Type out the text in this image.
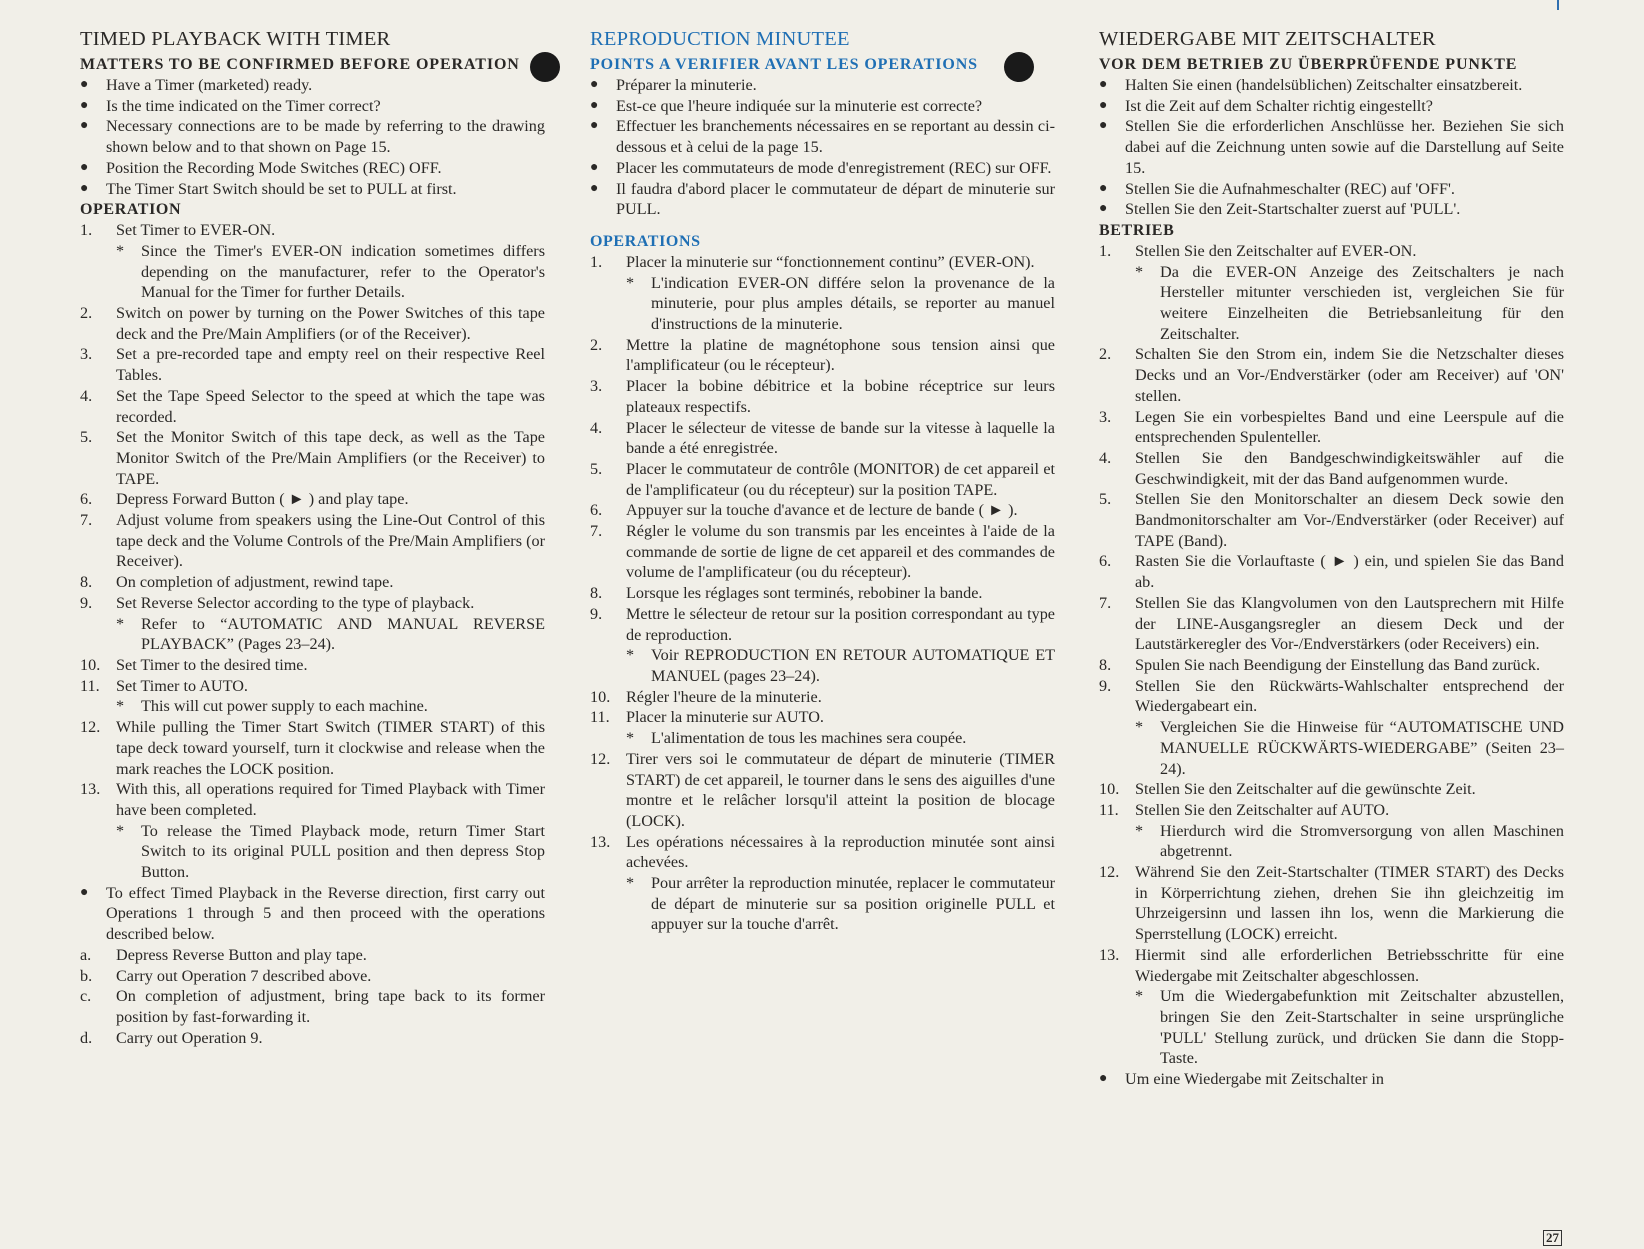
TIMED PLAYBACK WITH TIMER
MATTERS TO BE CONFIRMED BEFORE OPERATION
● Have a Timer (marketed) ready.
● Is the time indicated on the Timer correct?
● Necessary connections are to be made by referring to the drawing shown below and to that shown on Page 15.
● Position the Recording Mode Switches (REC) OFF.
● The Timer Start Switch should be set to PULL at first.
OPERATION
1. Set Timer to EVER-ON.
* Since the Timer's EVER-ON indication sometimes differs depending on the manufacturer, refer to the Operator's Manual for the Timer for further Details.
2. Switch on power by turning on the Power Switches of this tape deck and the Pre/Main Amplifiers (or of the Receiver).
3. Set a pre-recorded tape and empty reel on their respective Reel Tables.
4. Set the Tape Speed Selector to the speed at which the tape was recorded.
5. Set the Monitor Switch of this tape deck, as well as the Tape Monitor Switch of the Pre/Main Amplifiers (or the Receiver) to TAPE.
6. Depress Forward Button ( ► ) and play tape.
7. Adjust volume from speakers using the Line-Out Control of this tape deck and the Volume Controls of the Pre/Main Amplifiers (or Receiver).
8. On completion of adjustment, rewind tape.
9. Set Reverse Selector according to the type of playback.
* Refer to “AUTOMATIC AND MANUAL REVERSE PLAYBACK” (Pages 23–24).
10. Set Timer to the desired time.
11. Set Timer to AUTO.
* This will cut power supply to each machine.
12. While pulling the Timer Start Switch (TIMER START) of this tape deck toward yourself, turn it clockwise and release when the mark reaches the LOCK position.
13. With this, all operations required for Timed Playback with Timer have been completed.
* To release the Timed Playback mode, return Timer Start Switch to its original PULL position and then depress Stop Button.
● To effect Timed Playback in the Reverse direction, first carry out Operations 1 through 5 and then proceed with the operations described below.
a. Depress Reverse Button and play tape.
b. Carry out Operation 7 described above.
c. On completion of adjustment, bring tape back to its former position by fast-forwarding it.
d. Carry out Operation 9.
REPRODUCTION MINUTEE
POINTS A VERIFIER AVANT LES OPERATIONS
● Préparer la minuterie.
● Est-ce que l'heure indiquée sur la minuterie est correcte?
● Effectuer les branchements nécessaires en se reportant au dessin ci-dessous et à celui de la page 15.
● Placer les commutateurs de mode d'enregistrement (REC) sur OFF.
● Il faudra d'abord placer le commutateur de départ de minuterie sur PULL.
OPERATIONS
1. Placer la minuterie sur “fonctionnement continu” (EVER-ON).
* L'indication EVER-ON différe selon la provenance de la minuterie, pour plus amples détails, se reporter au manuel d'instructions de la minuterie.
2. Mettre la platine de magnétophone sous tension ainsi que l'amplificateur (ou le récepteur).
3. Placer la bobine débitrice et la bobine réceptrice sur leurs plateaux respectifs.
4. Placer le sélecteur de vitesse de bande sur la vitesse à laquelle la bande a été enregistrée.
5. Placer le commutateur de contrôle (MONITOR) de cet appareil et de l'amplificateur (ou du récepteur) sur la position TAPE.
6. Appuyer sur la touche d'avance et de lecture de bande ( ► ).
7. Régler le volume du son transmis par les enceintes à l'aide de la commande de sortie de ligne de cet appareil et des commandes de volume de l'amplificateur (ou du récepteur).
8. Lorsque les réglages sont terminés, rebobiner la bande.
9. Mettre le sélecteur de retour sur la position correspondant au type de reproduction.
* Voir REPRODUCTION EN RETOUR AUTOMATIQUE ET MANUEL (pages 23–24).
10. Régler l'heure de la minuterie.
11. Placer la minuterie sur AUTO.
* L'alimentation de tous les machines sera coupée.
12. Tirer vers soi le commutateur de départ de minuterie (TIMER START) de cet appareil, le tourner dans le sens des aiguilles d'une montre et le relâcher lorsqu'il atteint la position de blocage (LOCK).
13. Les opérations nécessaires à la reproduction minutée sont ainsi achevées.
* Pour arrêter la reproduction minutée, replacer le commutateur de départ de minuterie sur sa position originelle PULL et appuyer sur la touche d'arrêt.
WIEDERGABE MIT ZEITSCHALTER
VOR DEM BETRIEB ZU ÜBERPRÜFENDE PUNKTE
● Halten Sie einen (handelsüblichen) Zeitschalter einsatzbereit.
● Ist die Zeit auf dem Schalter richtig eingestellt?
● Stellen Sie die erforderlichen Anschlüsse her. Beziehen Sie sich dabei auf die Zeichnung unten sowie auf die Darstellung auf Seite 15.
● Stellen Sie die Aufnahmeschalter (REC) auf 'OFF'.
● Stellen Sie den Zeit-Startschalter zuerst auf 'PULL'.
BETRIEB
1. Stellen Sie den Zeitschalter auf EVER-ON.
* Da die EVER-ON Anzeige des Zeitschalters je nach Hersteller mitunter verschieden ist, vergleichen Sie für weitere Einzelheiten die Betriebsanleitung für den Zeitschalter.
2. Schalten Sie den Strom ein, indem Sie die Netzschalter dieses Decks und an Vor-/Endverstärker (oder am Receiver) auf 'ON' stellen.
3. Legen Sie ein vorbespieltes Band und eine Leerspule auf die entsprechenden Spulenteller.
4. Stellen Sie den Bandgeschwindigkeitswähler auf die Geschwindigkeit, mit der das Band aufgenommen wurde.
5. Stellen Sie den Monitorschalter an diesem Deck sowie den Bandmonitorschalter am Vor-/Endverstärker (oder Receiver) auf TAPE (Band).
6. Rasten Sie die Vorlauftaste ( ► ) ein, und spielen Sie das Band ab.
7. Stellen Sie das Klangvolumen von den Lautsprechern mit Hilfe der LINE-Ausgangsregler an diesem Deck und der Lautstärkeregler des Vor-/Endverstärkers (oder Receivers) ein.
8. Spulen Sie nach Beendigung der Einstellung das Band zurück.
9. Stellen Sie den Rückwärts-Wahlschalter entsprechend der Wiedergabeart ein.
* Vergleichen Sie die Hinweise für “AUTOMATISCHE UND MANUELLE RÜCKWÄRTS-WIEDERGABE” (Seiten 23–24).
10. Stellen Sie den Zeitschalter auf die gewünschte Zeit.
11. Stellen Sie den Zeitschalter auf AUTO.
* Hierdurch wird die Stromversorgung von allen Maschinen abgetrennt.
12. Während Sie den Zeit-Startschalter (TIMER START) des Decks in Körperrichtung ziehen, drehen Sie ihn gleichzeitig im Uhrzeigersinn und lassen ihn los, wenn die Markierung die Sperrstellung (LOCK) erreicht.
13. Hiermit sind alle erforderlichen Betriebsschritte für eine Wiedergabe mit Zeitschalter abgeschlossen.
* Um die Wiedergabefunktion mit Zeitschalter abzustellen, bringen Sie den Zeit-Startschalter in seine ursprüngliche 'PULL' Stellung zurück, und drücken Sie dann die Stopp-Taste.
● Um eine Wiedergabe mit Zeitschalter in
27
